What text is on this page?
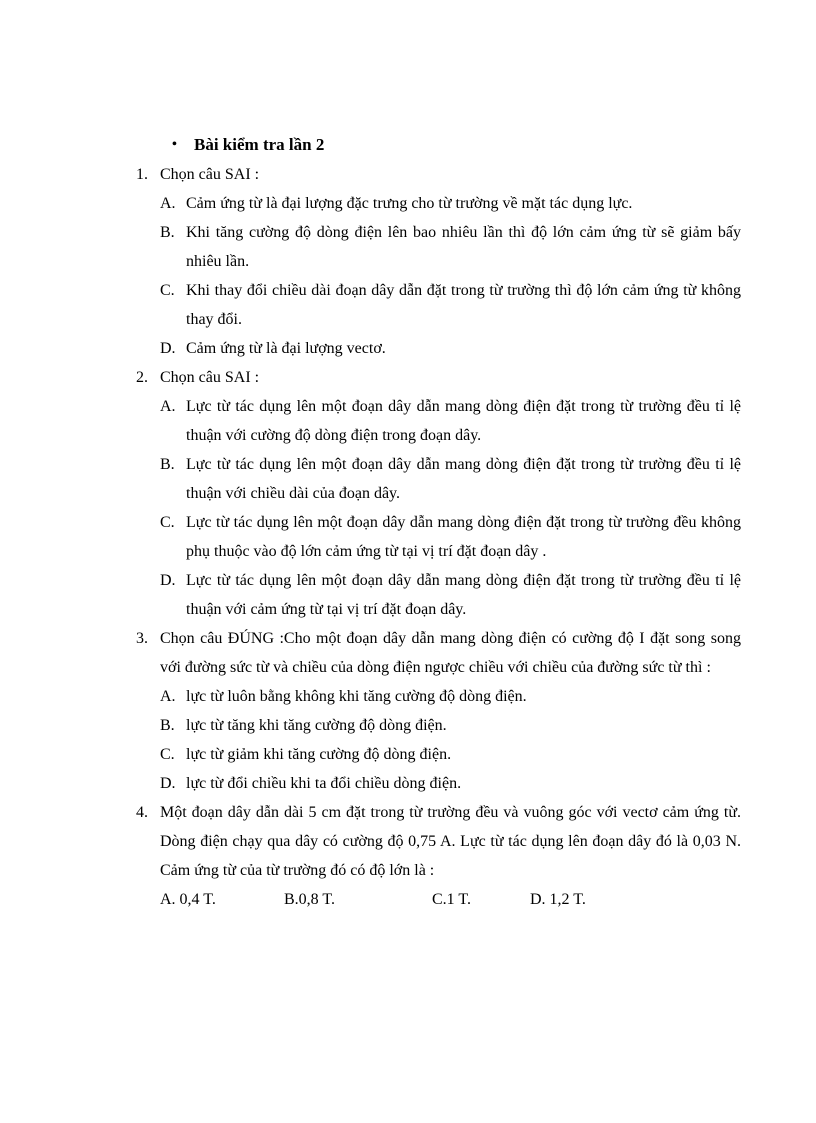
• Bài kiểm tra lần 2
1. Chọn câu SAI :
A. Cảm ứng từ là đại lượng đặc trưng cho từ trường về mặt tác dụng lực.
B. Khi tăng cường độ dòng điện lên bao nhiêu lần thì độ lớn cảm ứng từ sẽ giảm bấy nhiêu lần.
C. Khi thay đổi chiều dài đoạn dây dẫn đặt trong từ trường thì độ lớn cảm ứng từ không thay đổi.
D. Cảm ứng từ là đại lượng vectơ.
2. Chọn câu SAI :
A. Lực từ tác dụng lên một đoạn dây dẫn mang dòng điện đặt trong từ trường đều tỉ lệ thuận với cường độ dòng điện trong đoạn dây.
B. Lực từ tác dụng lên một đoạn dây dẫn mang dòng điện đặt trong từ trường đều tỉ lệ thuận với chiều dài của đoạn dây.
C. Lực từ tác dụng lên một đoạn dây dẫn mang dòng điện đặt trong từ trường đều không phụ thuộc vào độ lớn cảm ứng từ tại vị trí đặt đoạn dây .
D. Lực từ tác dụng lên một đoạn dây dẫn mang dòng điện đặt trong từ trường đều tỉ lệ thuận với cảm ứng từ tại vị trí đặt đoạn dây.
3. Chọn câu ĐÚNG :Cho một đoạn dây dẫn mang dòng điện có cường độ I đặt song song với đường sức từ và chiều của dòng điện ngược chiều với chiều của đường sức từ thì :
A. lực từ luôn bằng không khi tăng cường độ dòng điện.
B. lực từ tăng khi tăng cường độ dòng điện.
C. lực từ giảm khi tăng cường độ dòng điện.
D. lực từ đổi chiều khi ta đổi chiều dòng điện.
4. Một đoạn dây dẫn dài 5 cm đặt trong từ trường đều và vuông góc với vectơ cảm ứng từ. Dòng điện chạy qua dây có cường độ 0,75 A. Lực từ tác dụng lên đoạn dây đó là 0,03 N. Cảm ứng từ của từ trường đó có độ lớn là :
A. 0,4 T.	B.0,8 T.	C.1 T.	D. 1,2 T.
